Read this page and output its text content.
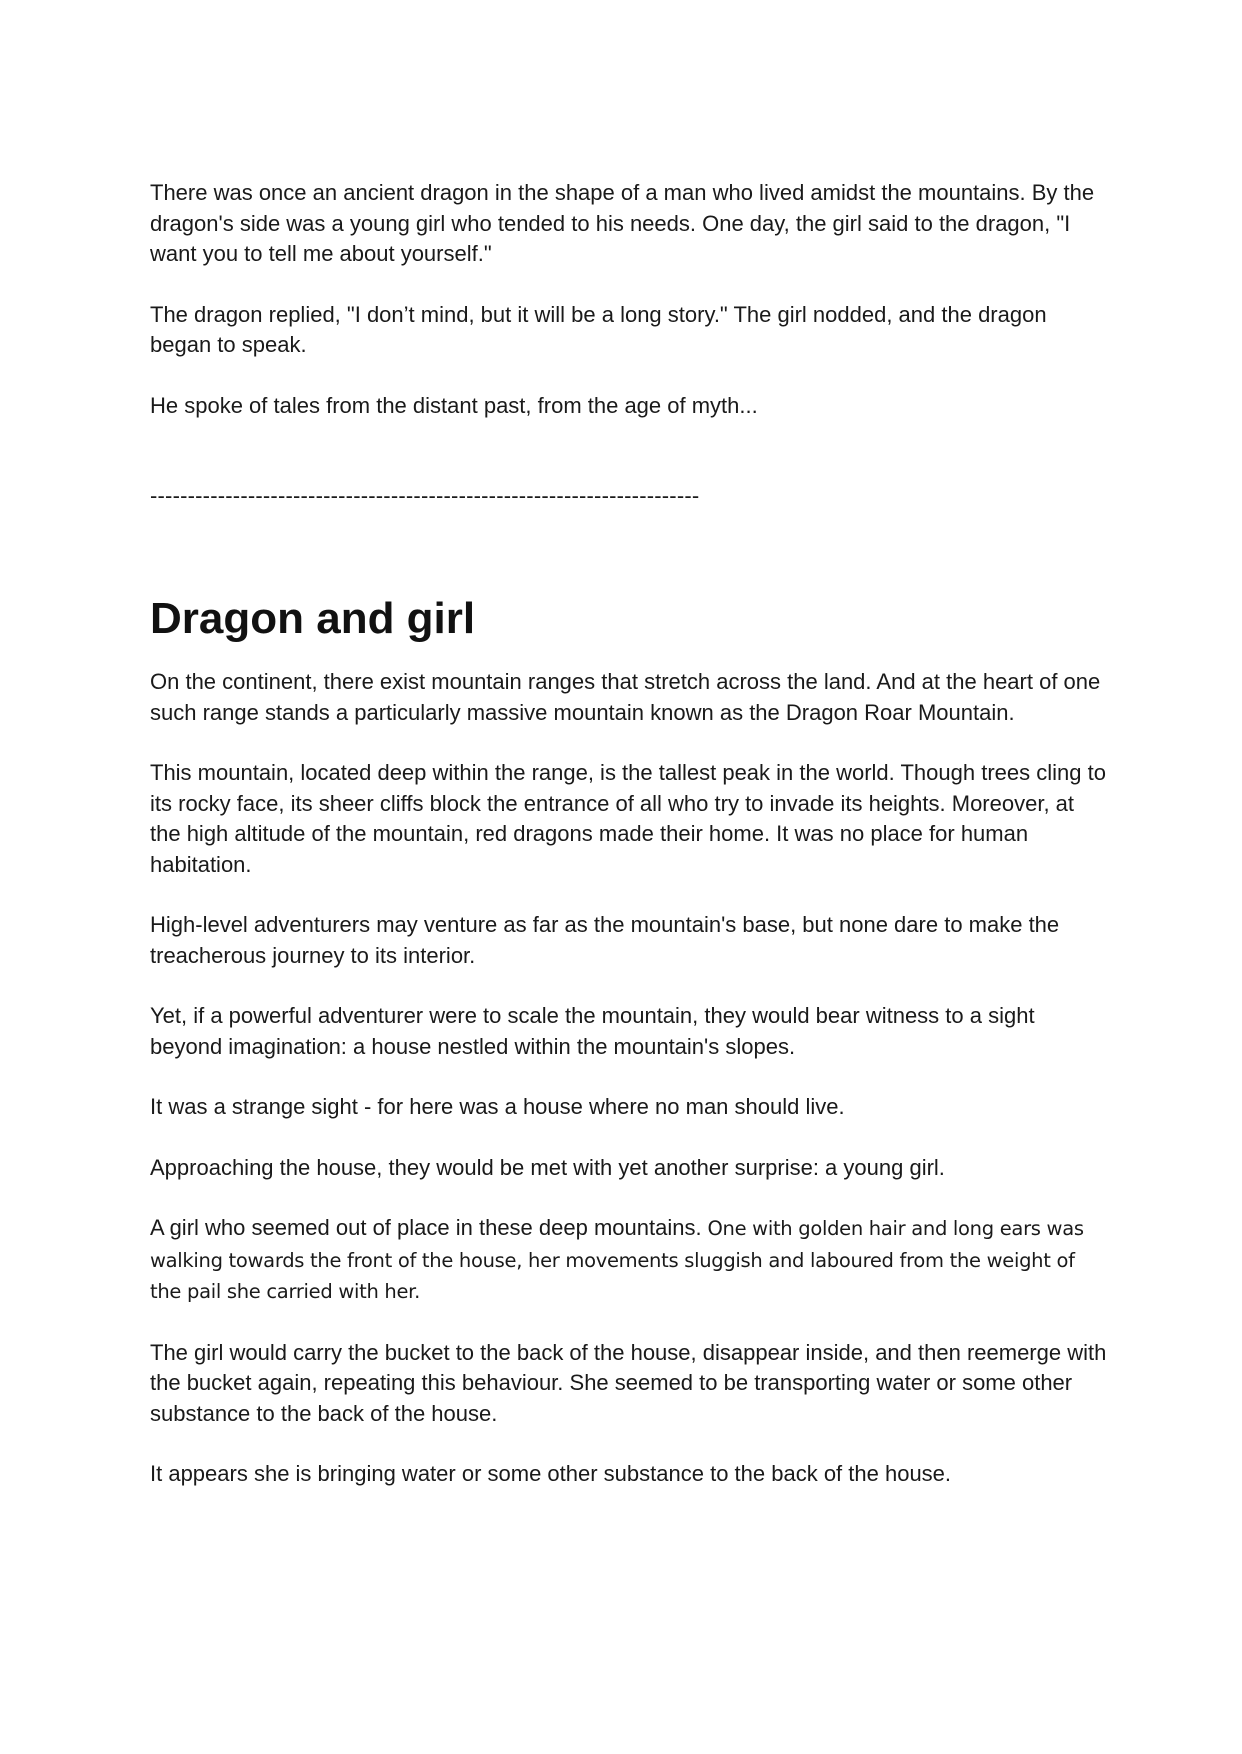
There was once an ancient dragon in the shape of a man who lived amidst the mountains. By the dragon's side was a young girl who tended to his needs. One day, the girl said to the dragon, "I want you to tell me about yourself."

The dragon replied, "I don’t mind, but it will be a long story." The girl nodded, and the dragon began to speak.

He spoke of tales from the distant past, from the age of myth...

-------------------------------------------------------------------------

Dragon and girl

On the continent, there exist mountain ranges that stretch across the land. And at the heart of one such range stands a particularly massive mountain known as the Dragon Roar Mountain.

This mountain, located deep within the range, is the tallest peak in the world. Though trees cling to its rocky face, its sheer cliffs block the entrance of all who try to invade its heights. Moreover, at the high altitude of the mountain, red dragons made their home. It was no place for human habitation.

High-level adventurers may venture as far as the mountain's base, but none dare to make the treacherous journey to its interior.

Yet, if a powerful adventurer were to scale the mountain, they would bear witness to a sight beyond imagination: a house nestled within the mountain's slopes.

It was a strange sight - for here was a house where no man should live.

Approaching the house, they would be met with yet another surprise: a young girl.

A girl who seemed out of place in these deep mountains. One with golden hair and long ears was walking towards the front of the house, her movements sluggish and laboured from the weight of the pail she carried with her.

The girl would carry the bucket to the back of the house, disappear inside, and then reemerge with the bucket again, repeating this behaviour. She seemed to be transporting water or some other substance to the back of the house.

It appears she is bringing water or some other substance to the back of the house.
